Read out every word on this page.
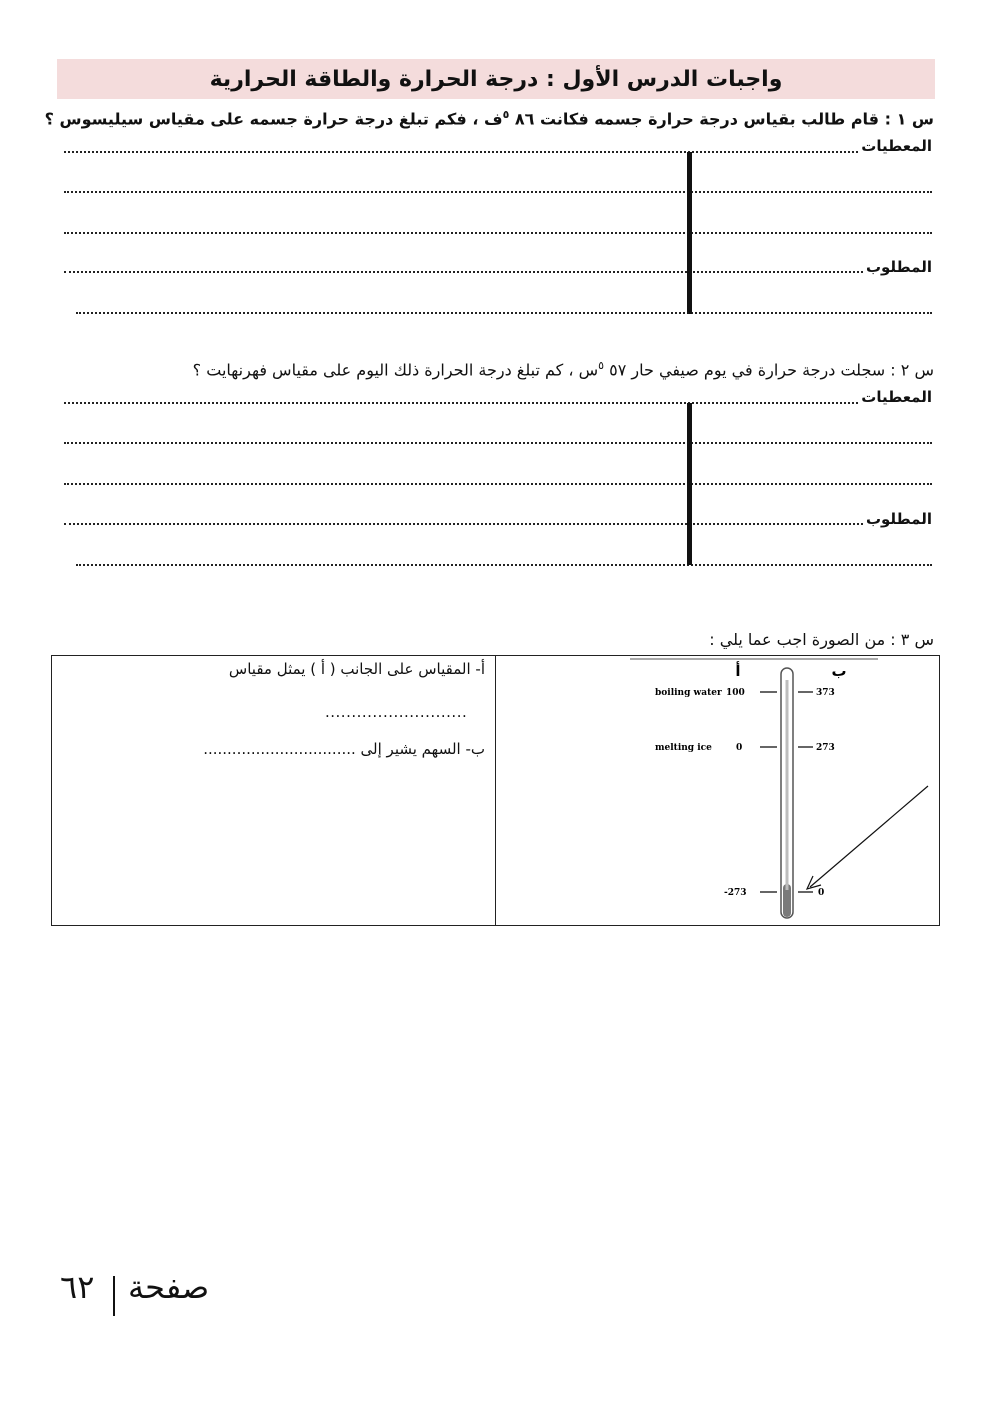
واجبات الدرس الأول : درجة الحرارة والطاقة الحرارية
س ١ : قام طالب بقياس درجة حرارة جسمه فكانت ٨٦ $^٥$ف ، فكم تبلغ درجة حرارة جسمه على مقياس سيليسوس ؟
المعطيات
المطلوب
س ٢ : سجلت درجة حرارة في يوم صيفي حار ٥٧ $^٥$س ، كم تبلغ درجة الحرارة ذلك اليوم على مقياس فهرنهايت ؟
المعطيات
المطلوب
س ٣ : من الصورة اجب عما يلي :
أ- المقياس على الجانب ( أ ) يمثل مقياس
...........................
ب- السهم يشير إلى ................................
أ	ب
boiling water
melting ice
100
0
-273
373
273
0
٦٢ صفحة
